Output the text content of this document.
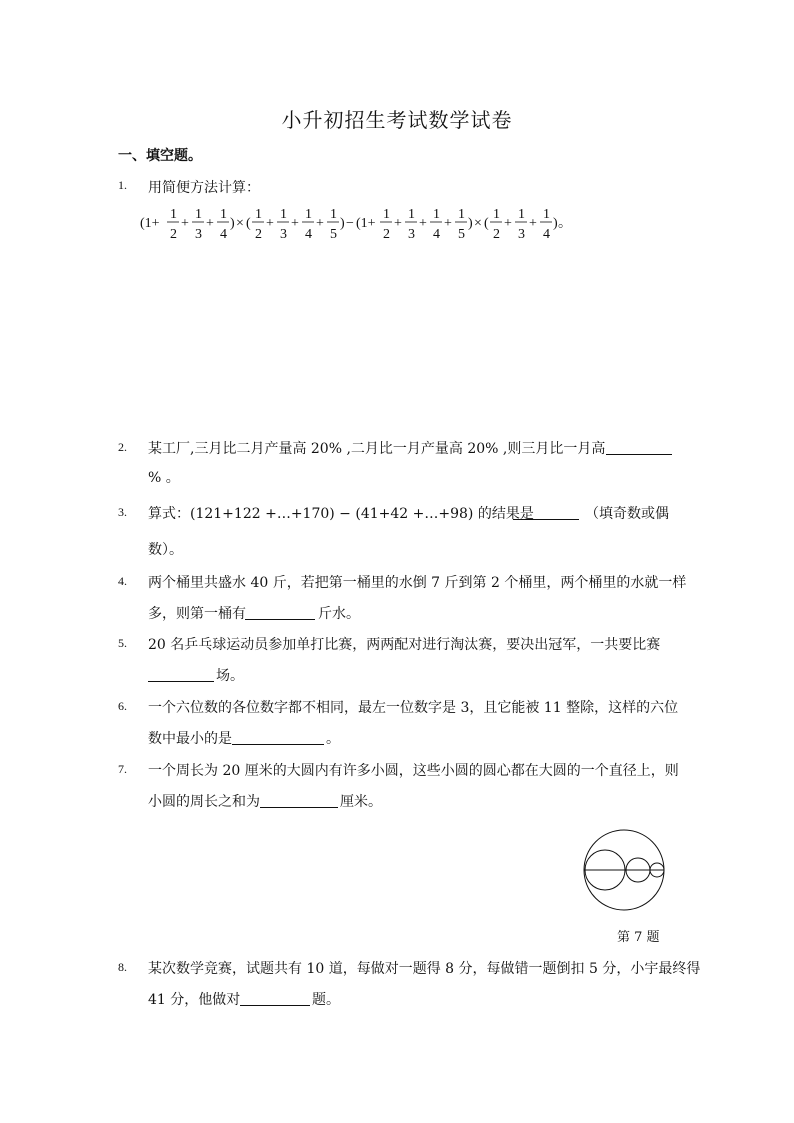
小升初招生考试数学试卷
一、填空题。
1. 用简便方法计算：
(1+
1
2
+
1
3
+
1
4
) × (
1
2
+
1
3
+
1
4
+
1
5
) − (1+
1
2
+
1
3
+
1
4
+
1
5
) × (
1
2
+
1
3
+
1
4
) 。
2. 某工厂,三月比二月产量高 20% ,二月比一月产量高 20% ,则三月比一月高
% 。
3. 算式：(121+122 +…+170) − (41+42 +…+98) 的结果是	（填奇数或偶
数）。
4. 两个桶里共盛水 40 斤，若把第一桶里的水倒 7 斤到第 2 个桶里，两个桶里的水就一样
多，则第一桶有	斤水。
5. 20 名乒乓球运动员参加单打比赛，两两配对进行淘汰赛，要决出冠军，一共要比赛
场。
6. 一个六位数的各位数字都不相同，最左一位数字是 3，且它能被 11 整除，这样的六位
数中最小的是	。
7. 一个周长为 20 厘米的大圆内有许多小圆，这些小圆的圆心都在大圆的一个直径上，则
小圆的周长之和为	厘米。
第 7 题
8. 某次数学竞赛，试题共有 10 道，每做对一题得 8 分，每做错一题倒扣 5 分，小宇最终得
41 分，他做对	题。
